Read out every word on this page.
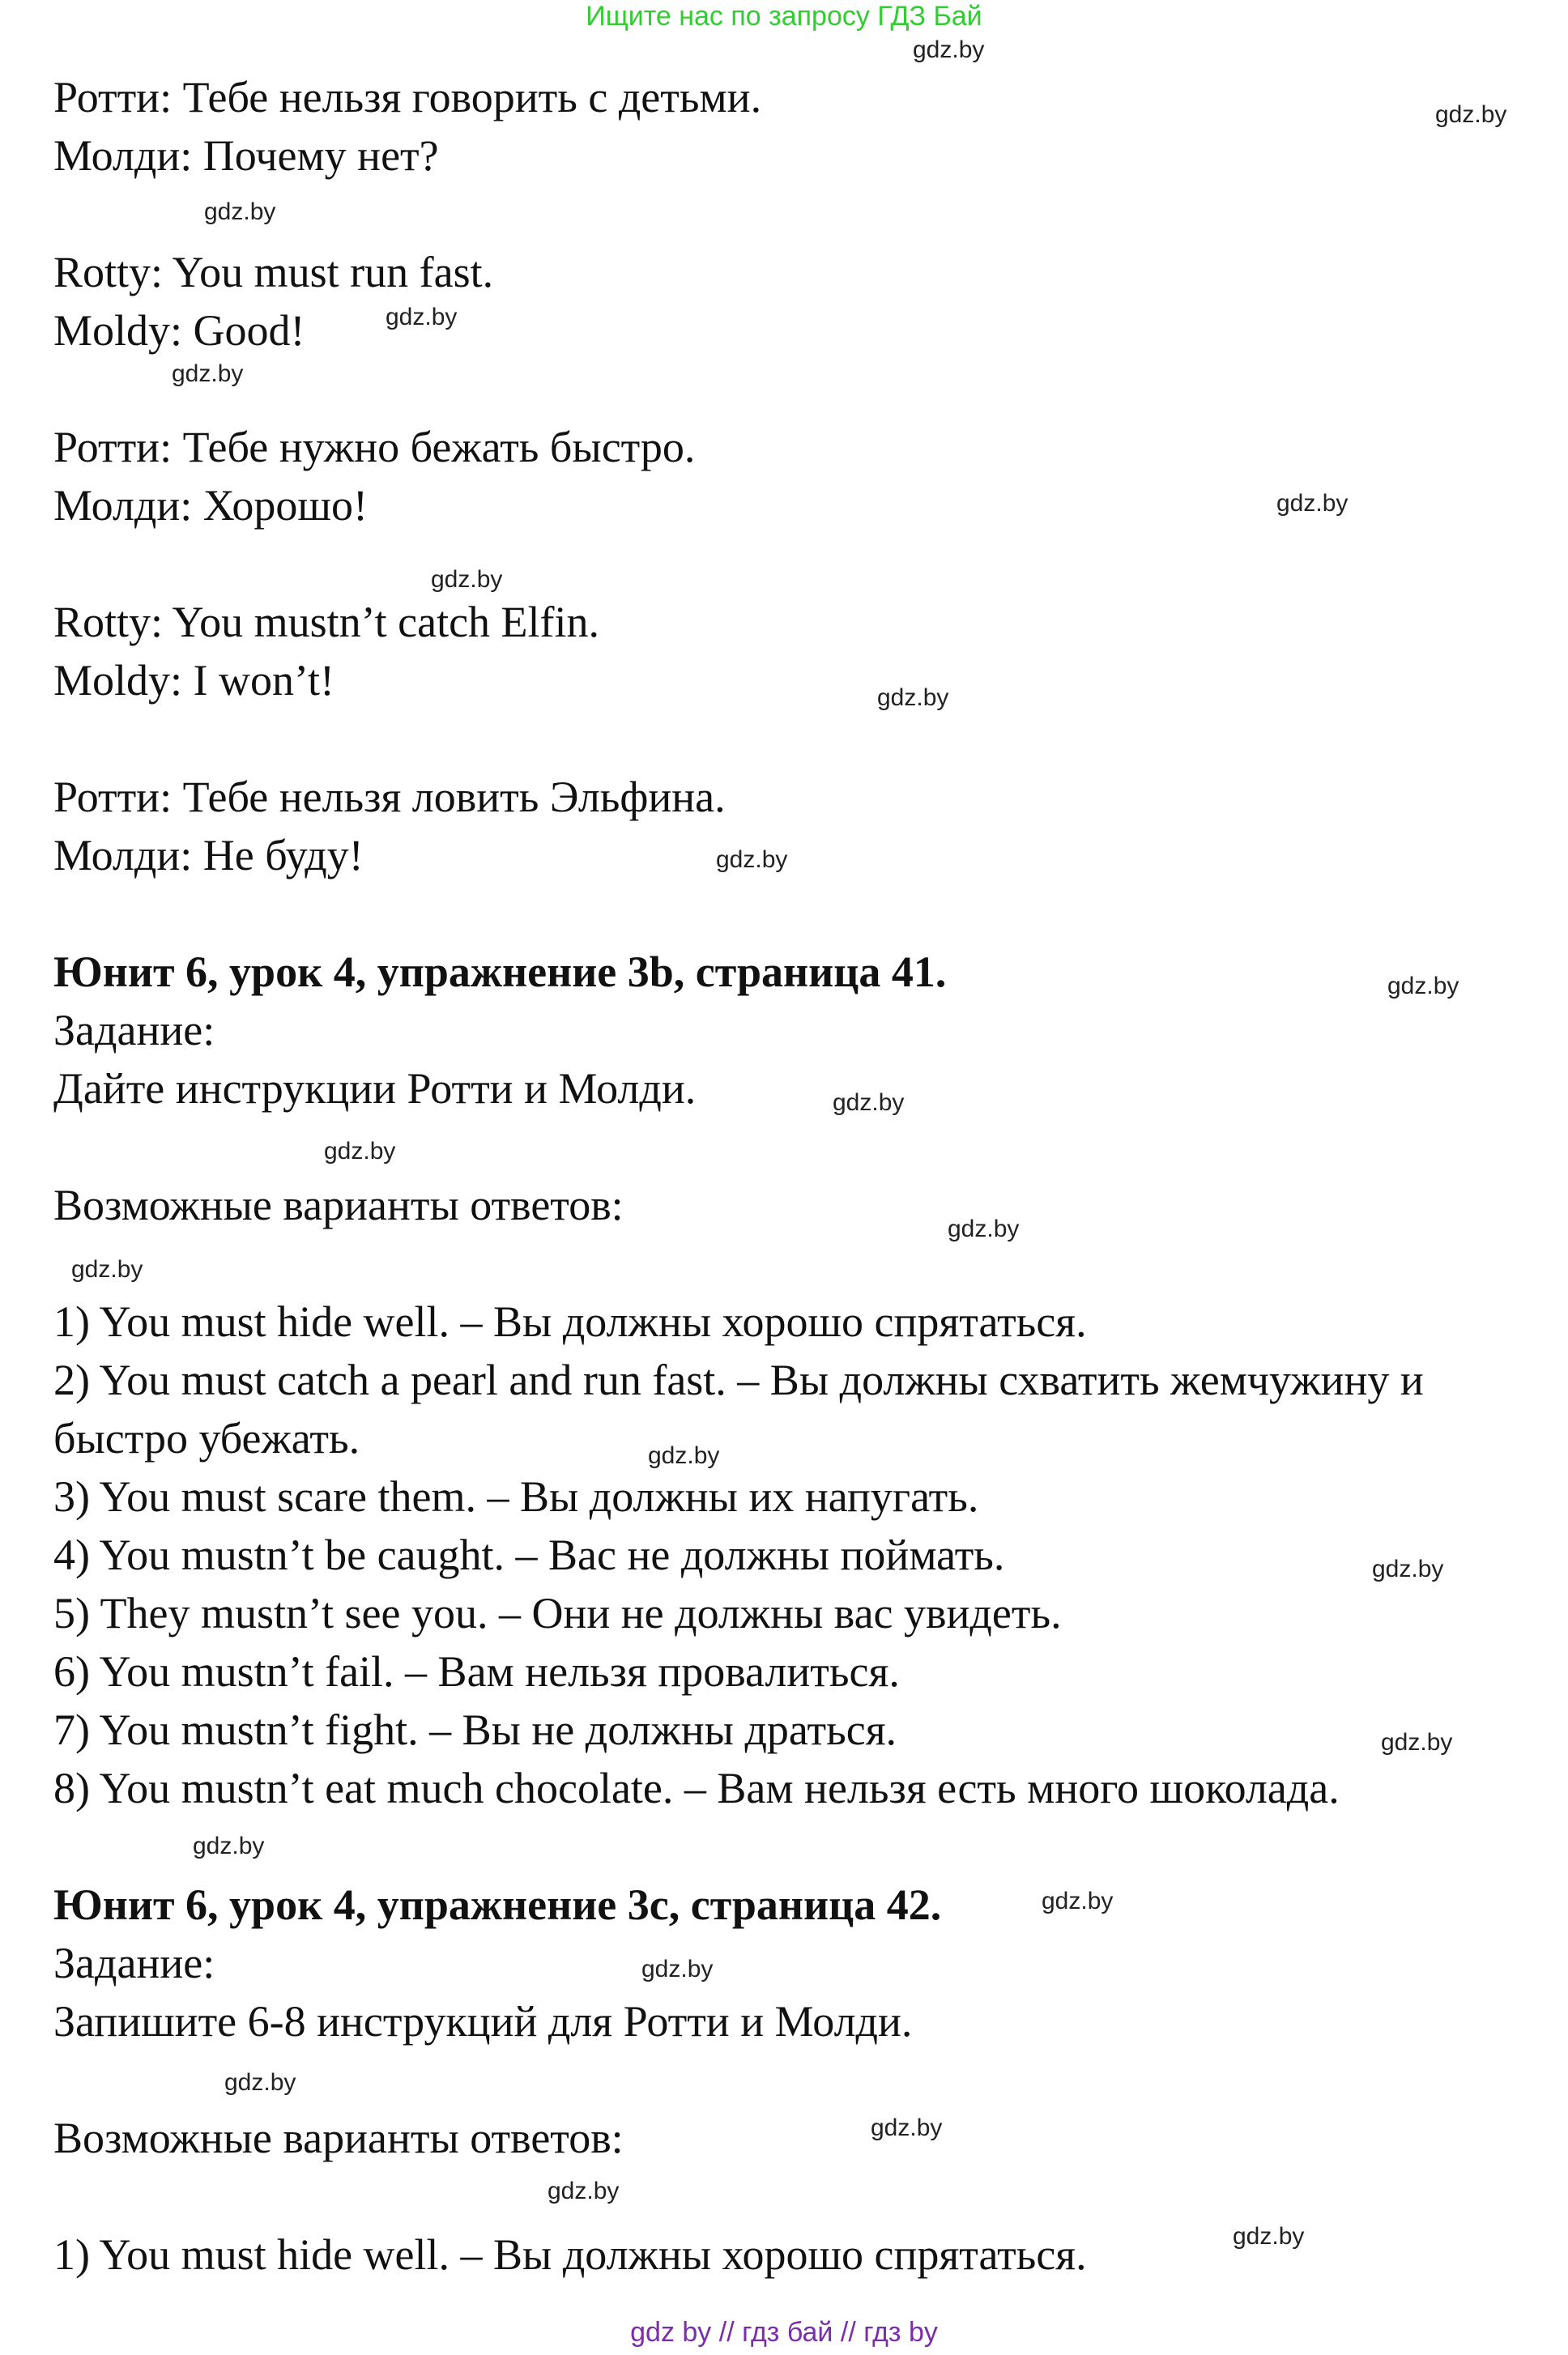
Ищите нас по запросу ГДЗ Бай

Ротти: Тебе нельзя говорить с детьми.

Молди: Почему нет?

Rotty: You must run fast.

Moldy: Good!

Ротти: Тебе нужно бежать быстро.

Молди: Хорошо!

Rotty: You mustn’t catch Elfin.

Moldy: I won’t!

Ротти: Тебе нельзя ловить Эльфина.

Молди: Не буду!

Юнит 6, урок 4, упражнение 3b, страница 41.

Задание:

Дайте инструкции Ротти и Молди.

Возможные варианты ответов:

1) You must hide well. – Вы должны хорошо спрятаться.

2) You must catch a pearl and run fast. – Вы должны схватить жемчужину и

быстро убежать.

3) You must scare them. – Вы должны их напугать.

4) You mustn’t be caught. – Вас не должны поймать.

5) They mustn’t see you. – Они не должны вас увидеть.

6) You mustn’t fail. – Вам нельзя провалиться.

7) You mustn’t fight. – Вы не должны драться.

8) You mustn’t eat much chocolate. – Вам нельзя есть много шоколада.

Юнит 6, урок 4, упражнение 3c, страница 42.

Задание:

Запишите 6-8 инструкций для Ротти и Молди.

Возможные варианты ответов:

1) You must hide well. – Вы должны хорошо спрятаться.

gdz.by
gdz.by
gdz.by
gdz.by
gdz.by
gdz.by
gdz.by
gdz.by
gdz.by
gdz.by
gdz.by
gdz.by
gdz.by
gdz.by
gdz.by
gdz.by
gdz.by
gdz.by
gdz.by
gdz.by
gdz.by
gdz.by
gdz.by
gdz.by
gdz by // гдз бай // гдз by
